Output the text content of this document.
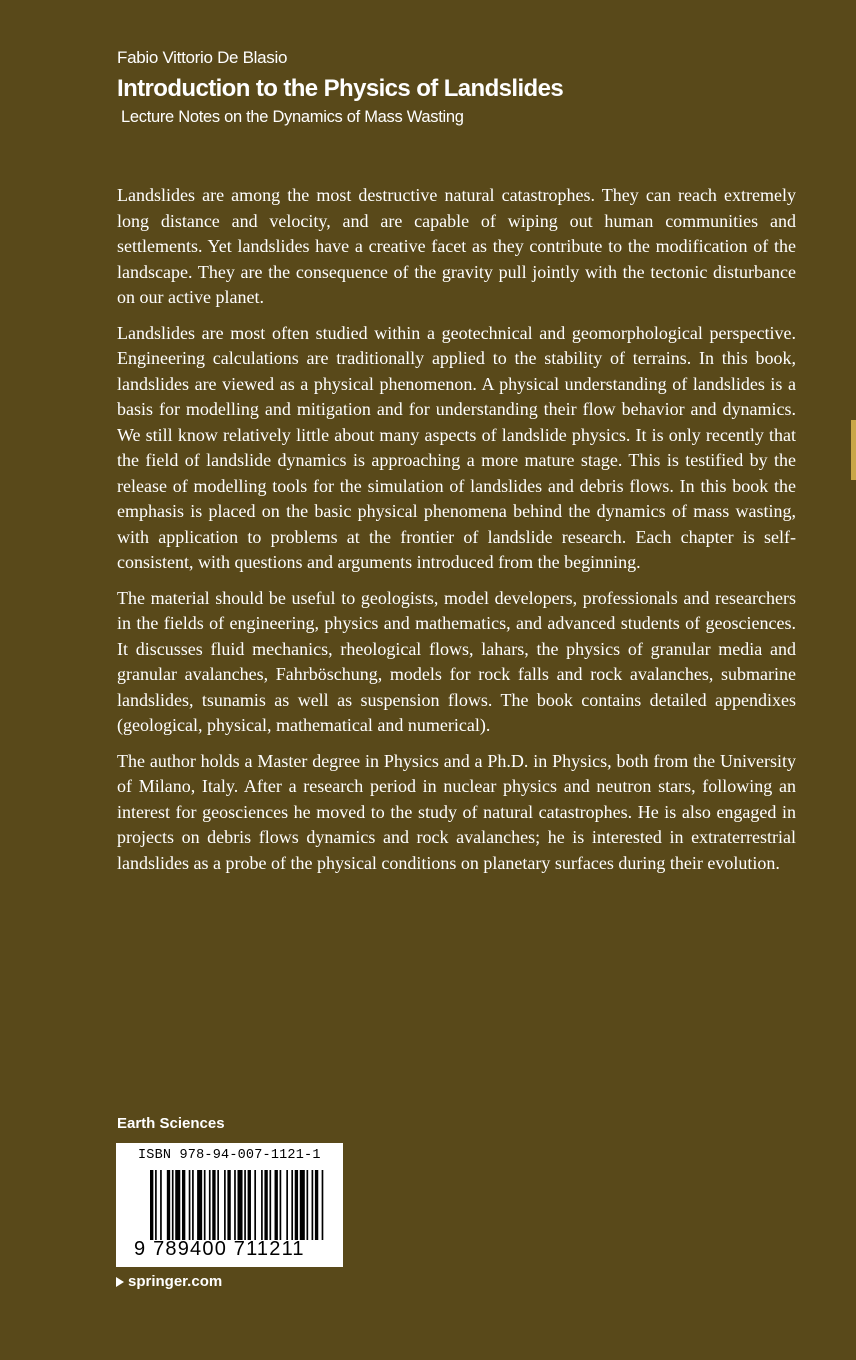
Fabio Vittorio De Blasio
Introduction to the Physics of Landslides
Lecture Notes on the Dynamics of Mass Wasting

Landslides are among the most destructive natural catastrophes. They can reach extremely long distance and velocity, and are capable of wiping out human communities and settlements. Yet landslides have a creative facet as they contribute to the modification of the landscape. They are the consequence of the gravity pull jointly with the tectonic disturbance on our active planet.

Landslides are most often studied within a geotechnical and geomorphological perspective. Engineering calculations are traditionally applied to the stability of terrains. In this book, landslides are viewed as a physical phenomenon. A physical understanding of landslides is a basis for modelling and mitigation and for understanding their flow behavior and dynamics. We still know relatively little about many aspects of landslide physics. It is only recently that the field of landslide dynamics is approaching a more mature stage. This is testified by the release of modelling tools for the simulation of landslides and debris flows. In this book the emphasis is placed on the basic physical phenomena behind the dynamics of mass wasting, with application to problems at the frontier of landslide research. Each chapter is self-consistent, with questions and arguments introduced from the beginning.

The material should be useful to geologists, model developers, professionals and researchers in the fields of engineering, physics and mathematics, and advanced students of geosciences. It discusses fluid mechanics, rheological flows, lahars, the physics of granular media and granular avalanches, Fahrböschung, models for rock falls and rock avalanches, submarine landslides, tsunamis as well as suspension flows. The book contains detailed appendixes (geological, physical, mathematical and numerical).

The author holds a Master degree in Physics and a Ph.D. in Physics, both from the University of Milano, Italy. After a research period in nuclear physics and neutron stars, following an interest for geosciences he moved to the study of natural catastrophes. He is also engaged in projects on debris flows dynamics and rock avalanches; he is interested in extraterrestrial landslides as a probe of the physical conditions on planetary surfaces during their evolution.

Earth Sciences
ISBN 978-94-007-1121-1
9 789400 711211
springer.com
